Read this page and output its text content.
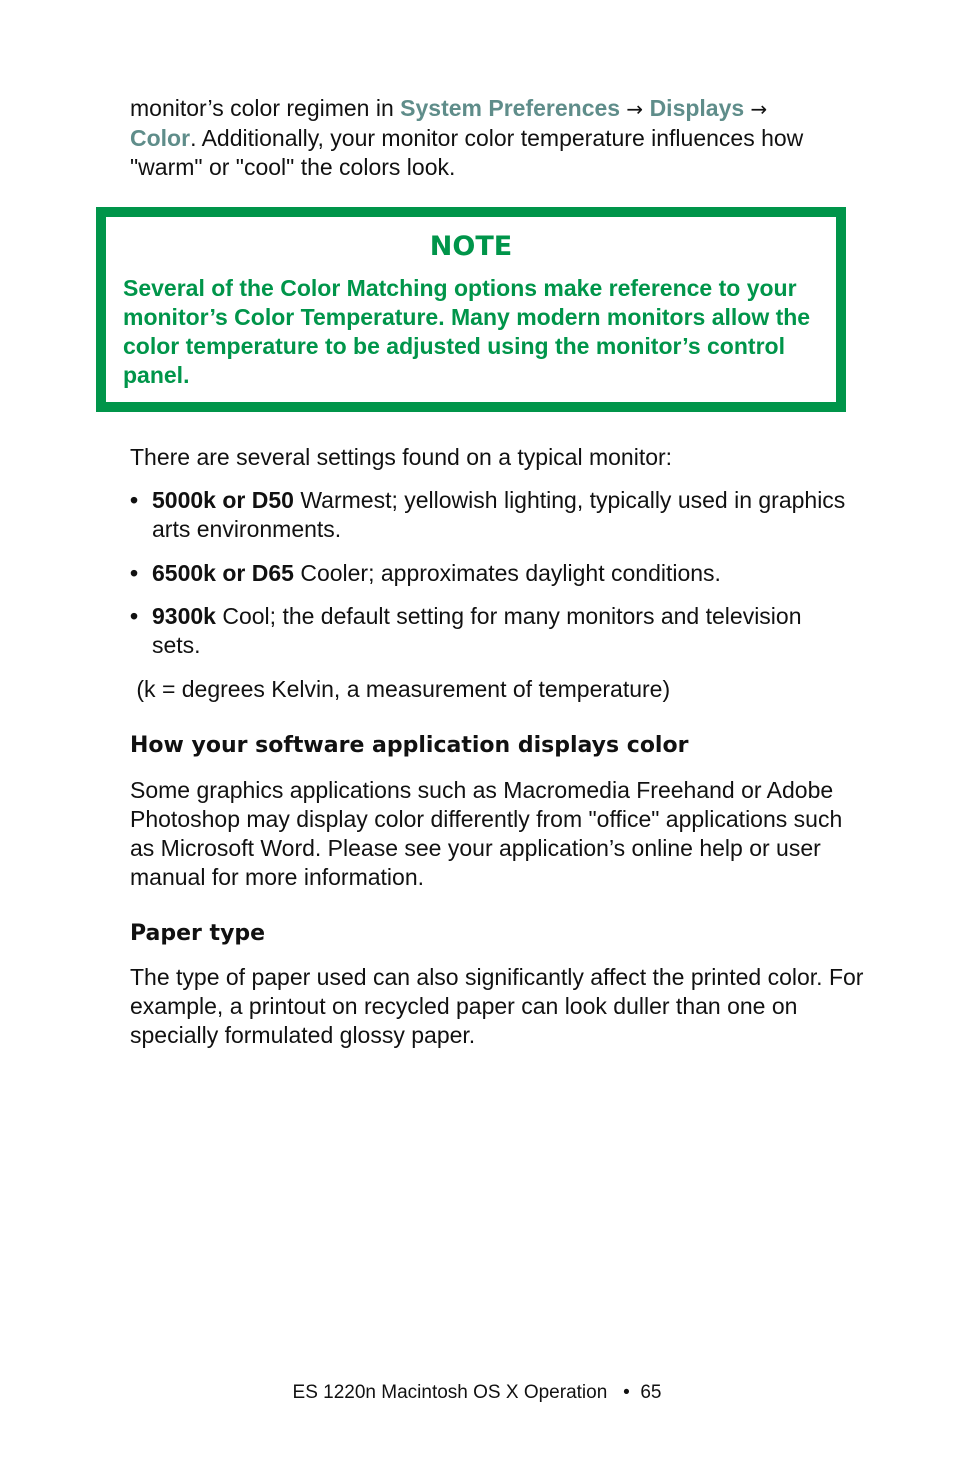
monitor’s color regimen in System Preferences → Displays →
Color. Additionally, your monitor color temperature influences how "warm" or "cool" the colors look.

NOTE

Several of the Color Matching options make reference to your monitor’s Color Temperature. Many modern monitors allow the color temperature to be adjusted using the monitor’s control panel.

There are several settings found on a typical monitor:

• 5000k or D50 Warmest; yellowish lighting, typically used in graphics arts environments.
• 6500k or D65 Cooler; approximates daylight conditions.
• 9300k Cool; the default setting for many monitors and television sets.

(k = degrees Kelvin, a measurement of temperature)

How your software application displays color

Some graphics applications such as Macromedia Freehand or Adobe Photoshop may display color differently from "office" applications such as Microsoft Word. Please see your application’s online help or user manual for more information.

Paper type

The type of paper used can also significantly affect the printed color. For example, a printout on recycled paper can look duller than one on specially formulated glossy paper.

ES 1220n Macintosh OS X Operation • 65
